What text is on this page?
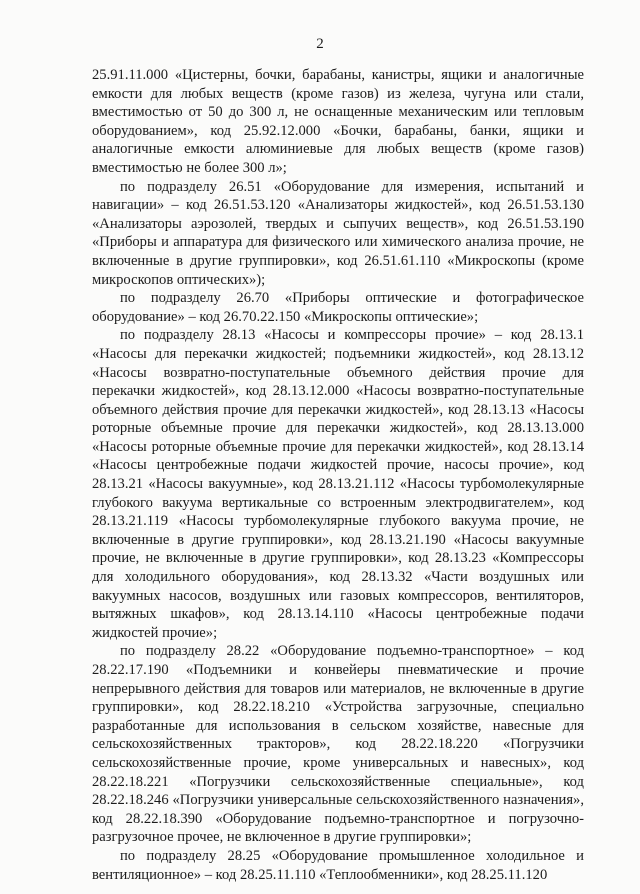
2

25.91.11.000 «Цистерны, бочки, барабаны, канистры, ящики и аналогичные емкости для любых веществ (кроме газов) из железа, чугуна или стали, вместимостью от 50 до 300 л, не оснащенные механическим или тепловым оборудованием», код 25.92.12.000 «Бочки, барабаны, банки, ящики и аналогичные емкости алюминиевые для любых веществ (кроме газов) вместимостью не более 300 л»;

по подразделу 26.51 «Оборудование для измерения, испытаний и навигации» – код 26.51.53.120 «Анализаторы жидкостей», код 26.51.53.130 «Анализаторы аэрозолей, твердых и сыпучих веществ», код 26.51.53.190 «Приборы и аппаратура для физического или химического анализа прочие, не включенные в другие группировки», код 26.51.61.110 «Микроскопы (кроме микроскопов оптических»);

по подразделу 26.70 «Приборы оптические и фотографическое оборудование» – код 26.70.22.150 «Микроскопы оптические»;

по подразделу 28.13 «Насосы и компрессоры прочие» – код 28.13.1 «Насосы для перекачки жидкостей; подъемники жидкостей», код 28.13.12 «Насосы возвратно-поступательные объемного действия прочие для перекачки жидкостей», код 28.13.12.000 «Насосы возвратно-поступательные объемного действия прочие для перекачки жидкостей», код 28.13.13 «Насосы роторные объемные прочие для перекачки жидкостей», код 28.13.13.000 «Насосы роторные объемные прочие для перекачки жидкостей», код 28.13.14 «Насосы центробежные подачи жидкостей прочие, насосы прочие», код 28.13.21 «Насосы вакуумные», код 28.13.21.112 «Насосы турбомолекулярные глубокого вакуума вертикальные со встроенным электродвигателем», код 28.13.21.119 «Насосы турбомолекулярные глубокого вакуума прочие, не включенные в другие группировки», код 28.13.21.190 «Насосы вакуумные прочие, не включенные в другие группировки», код 28.13.23 «Компрессоры для холодильного оборудования», код 28.13.32 «Части воздушных или вакуумных насосов, воздушных или газовых компрессоров, вентиляторов, вытяжных шкафов», код 28.13.14.110 «Насосы центробежные подачи жидкостей прочие»;

по подразделу 28.22 «Оборудование подъемно-транспортное» – код 28.22.17.190 «Подъемники и конвейеры пневматические и прочие непрерывного действия для товаров или материалов, не включенные в другие группировки», код 28.22.18.210 «Устройства загрузочные, специально разработанные для использования в сельском хозяйстве, навесные для сельскохозяйственных тракторов», код 28.22.18.220 «Погрузчики сельскохозяйственные прочие, кроме универсальных и навесных», код 28.22.18.221 «Погрузчики сельскохозяйственные специальные», код 28.22.18.246 «Погрузчики универсальные сельскохозяйственного назначения», код 28.22.18.390 «Оборудование подъемно-транспортное и погрузочно-разгрузочное прочее, не включенное в другие группировки»;

по подразделу 28.25 «Оборудование промышленное холодильное и вентиляционное» – код 28.25.11.110 «Теплообменники», код 28.25.11.120
